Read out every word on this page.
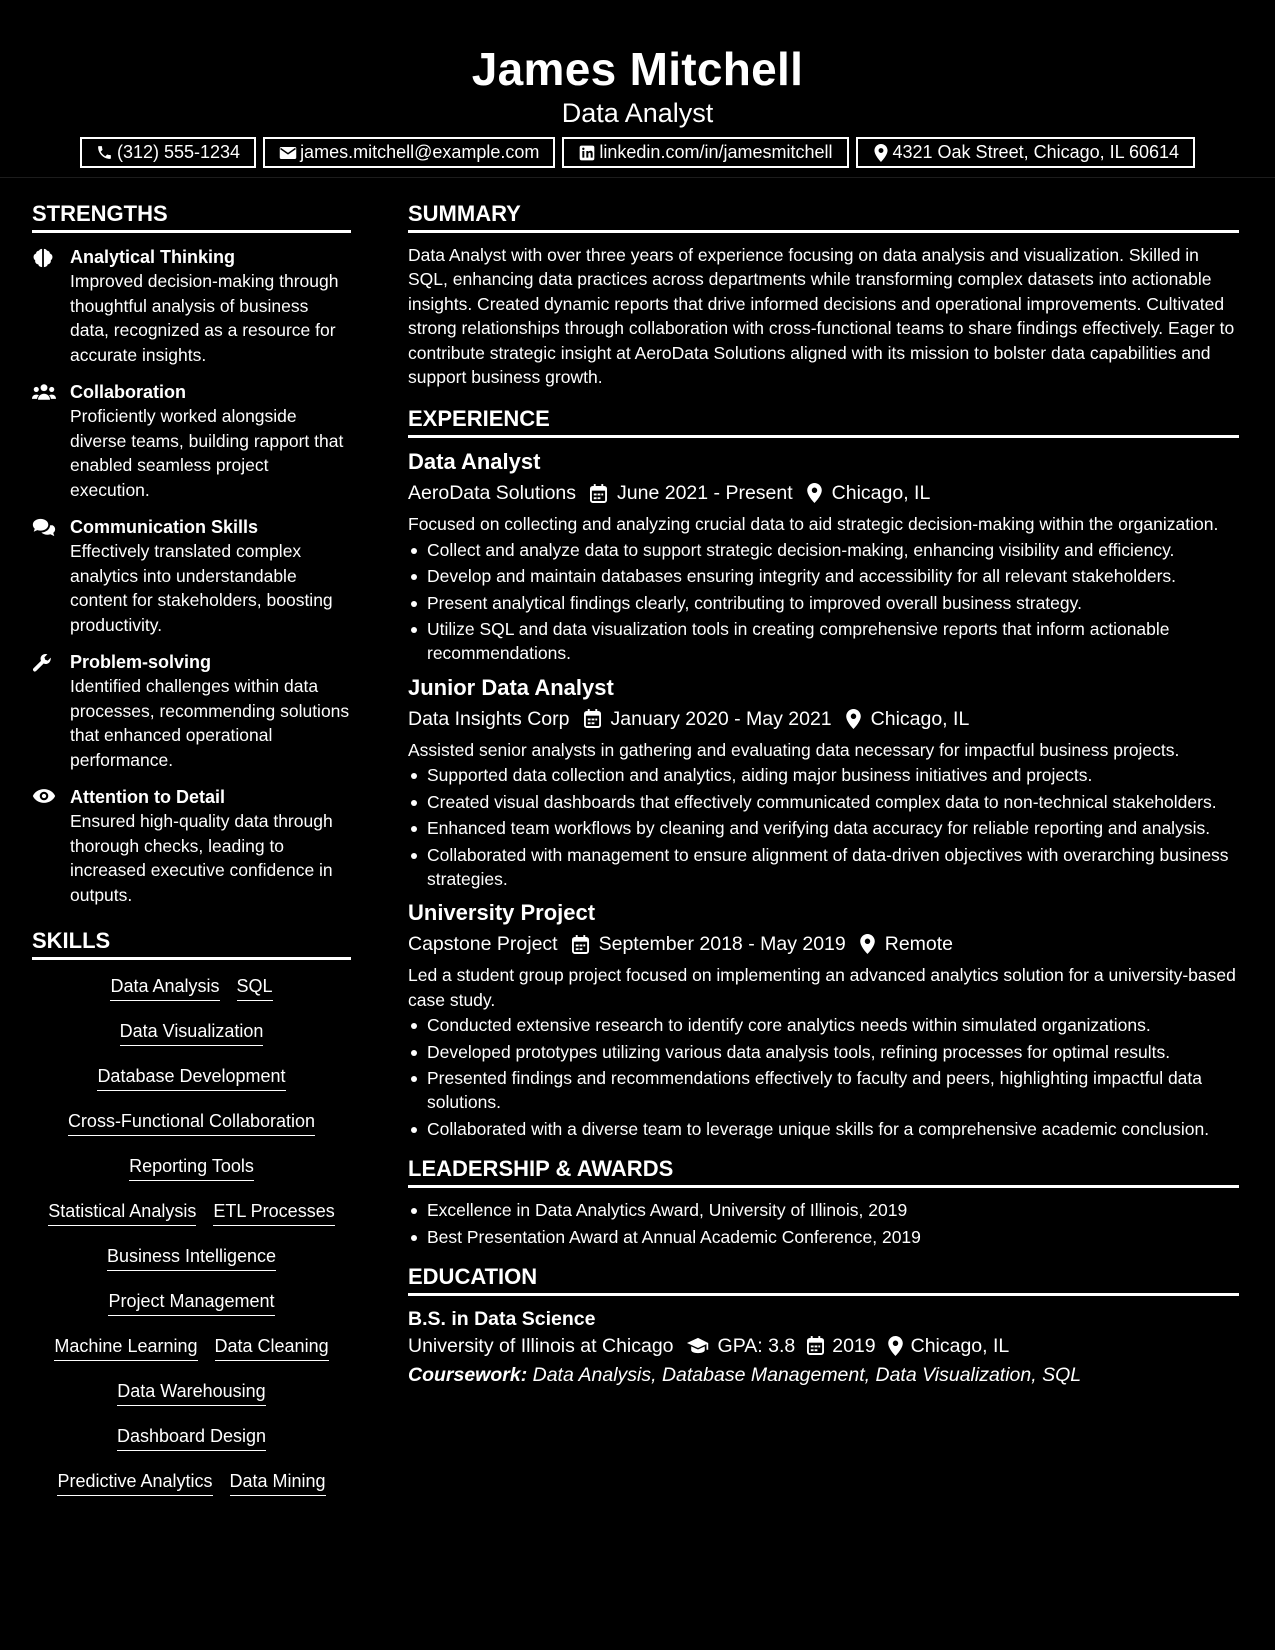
James Mitchell
Data Analyst
(312) 555-1234	james.mitchell@example.com	linkedin.com/in/jamesmitchell	4321 Oak Street, Chicago, IL 60614
STRENGTHS
Analytical Thinking
Improved decision-making through thoughtful analysis of business data, recognized as a resource for accurate insights.
Collaboration
Proficiently worked alongside diverse teams, building rapport that enabled seamless project execution.
Communication Skills
Effectively translated complex analytics into understandable content for stakeholders, boosting productivity.
Problem-solving
Identified challenges within data processes, recommending solutions that enhanced operational performance.
Attention to Detail
Ensured high-quality data through thorough checks, leading to increased executive confidence in outputs.
SKILLS
Data Analysis SQL
Data Visualization
Database Development
Cross-Functional Collaboration
Reporting Tools
Statistical Analysis ETL Processes
Business Intelligence
Project Management
Machine Learning Data Cleaning
Data Warehousing
Dashboard Design
Predictive Analytics Data Mining
SUMMARY
Data Analyst with over three years of experience focusing on data analysis and visualization. Skilled in SQL, enhancing data practices across departments while transforming complex datasets into actionable insights. Created dynamic reports that drive informed decisions and operational improvements. Cultivated strong relationships through collaboration with cross-functional teams to share findings effectively. Eager to contribute strategic insight at AeroData Solutions aligned with its mission to bolster data capabilities and support business growth.
EXPERIENCE
Data Analyst
AeroData Solutions June 2021 - Present Chicago, IL
Focused on collecting and analyzing crucial data to aid strategic decision-making within the organization.
Collect and analyze data to support strategic decision-making, enhancing visibility and efficiency.
Develop and maintain databases ensuring integrity and accessibility for all relevant stakeholders.
Present analytical findings clearly, contributing to improved overall business strategy.
Utilize SQL and data visualization tools in creating comprehensive reports that inform actionable recommendations.
Junior Data Analyst
Data Insights Corp January 2020 - May 2021 Chicago, IL
Assisted senior analysts in gathering and evaluating data necessary for impactful business projects.
Supported data collection and analytics, aiding major business initiatives and projects.
Created visual dashboards that effectively communicated complex data to non-technical stakeholders.
Enhanced team workflows by cleaning and verifying data accuracy for reliable reporting and analysis.
Collaborated with management to ensure alignment of data-driven objectives with overarching business strategies.
University Project
Capstone Project September 2018 - May 2019 Remote
Led a student group project focused on implementing an advanced analytics solution for a university-based case study.
Conducted extensive research to identify core analytics needs within simulated organizations.
Developed prototypes utilizing various data analysis tools, refining processes for optimal results.
Presented findings and recommendations effectively to faculty and peers, highlighting impactful data solutions.
Collaborated with a diverse team to leverage unique skills for a comprehensive academic conclusion.
LEADERSHIP & AWARDS
Excellence in Data Analytics Award, University of Illinois, 2019
Best Presentation Award at Annual Academic Conference, 2019
EDUCATION
B.S. in Data Science
University of Illinois at Chicago GPA: 3.8 2019 Chicago, IL
Coursework: Data Analysis, Database Management, Data Visualization, SQL
